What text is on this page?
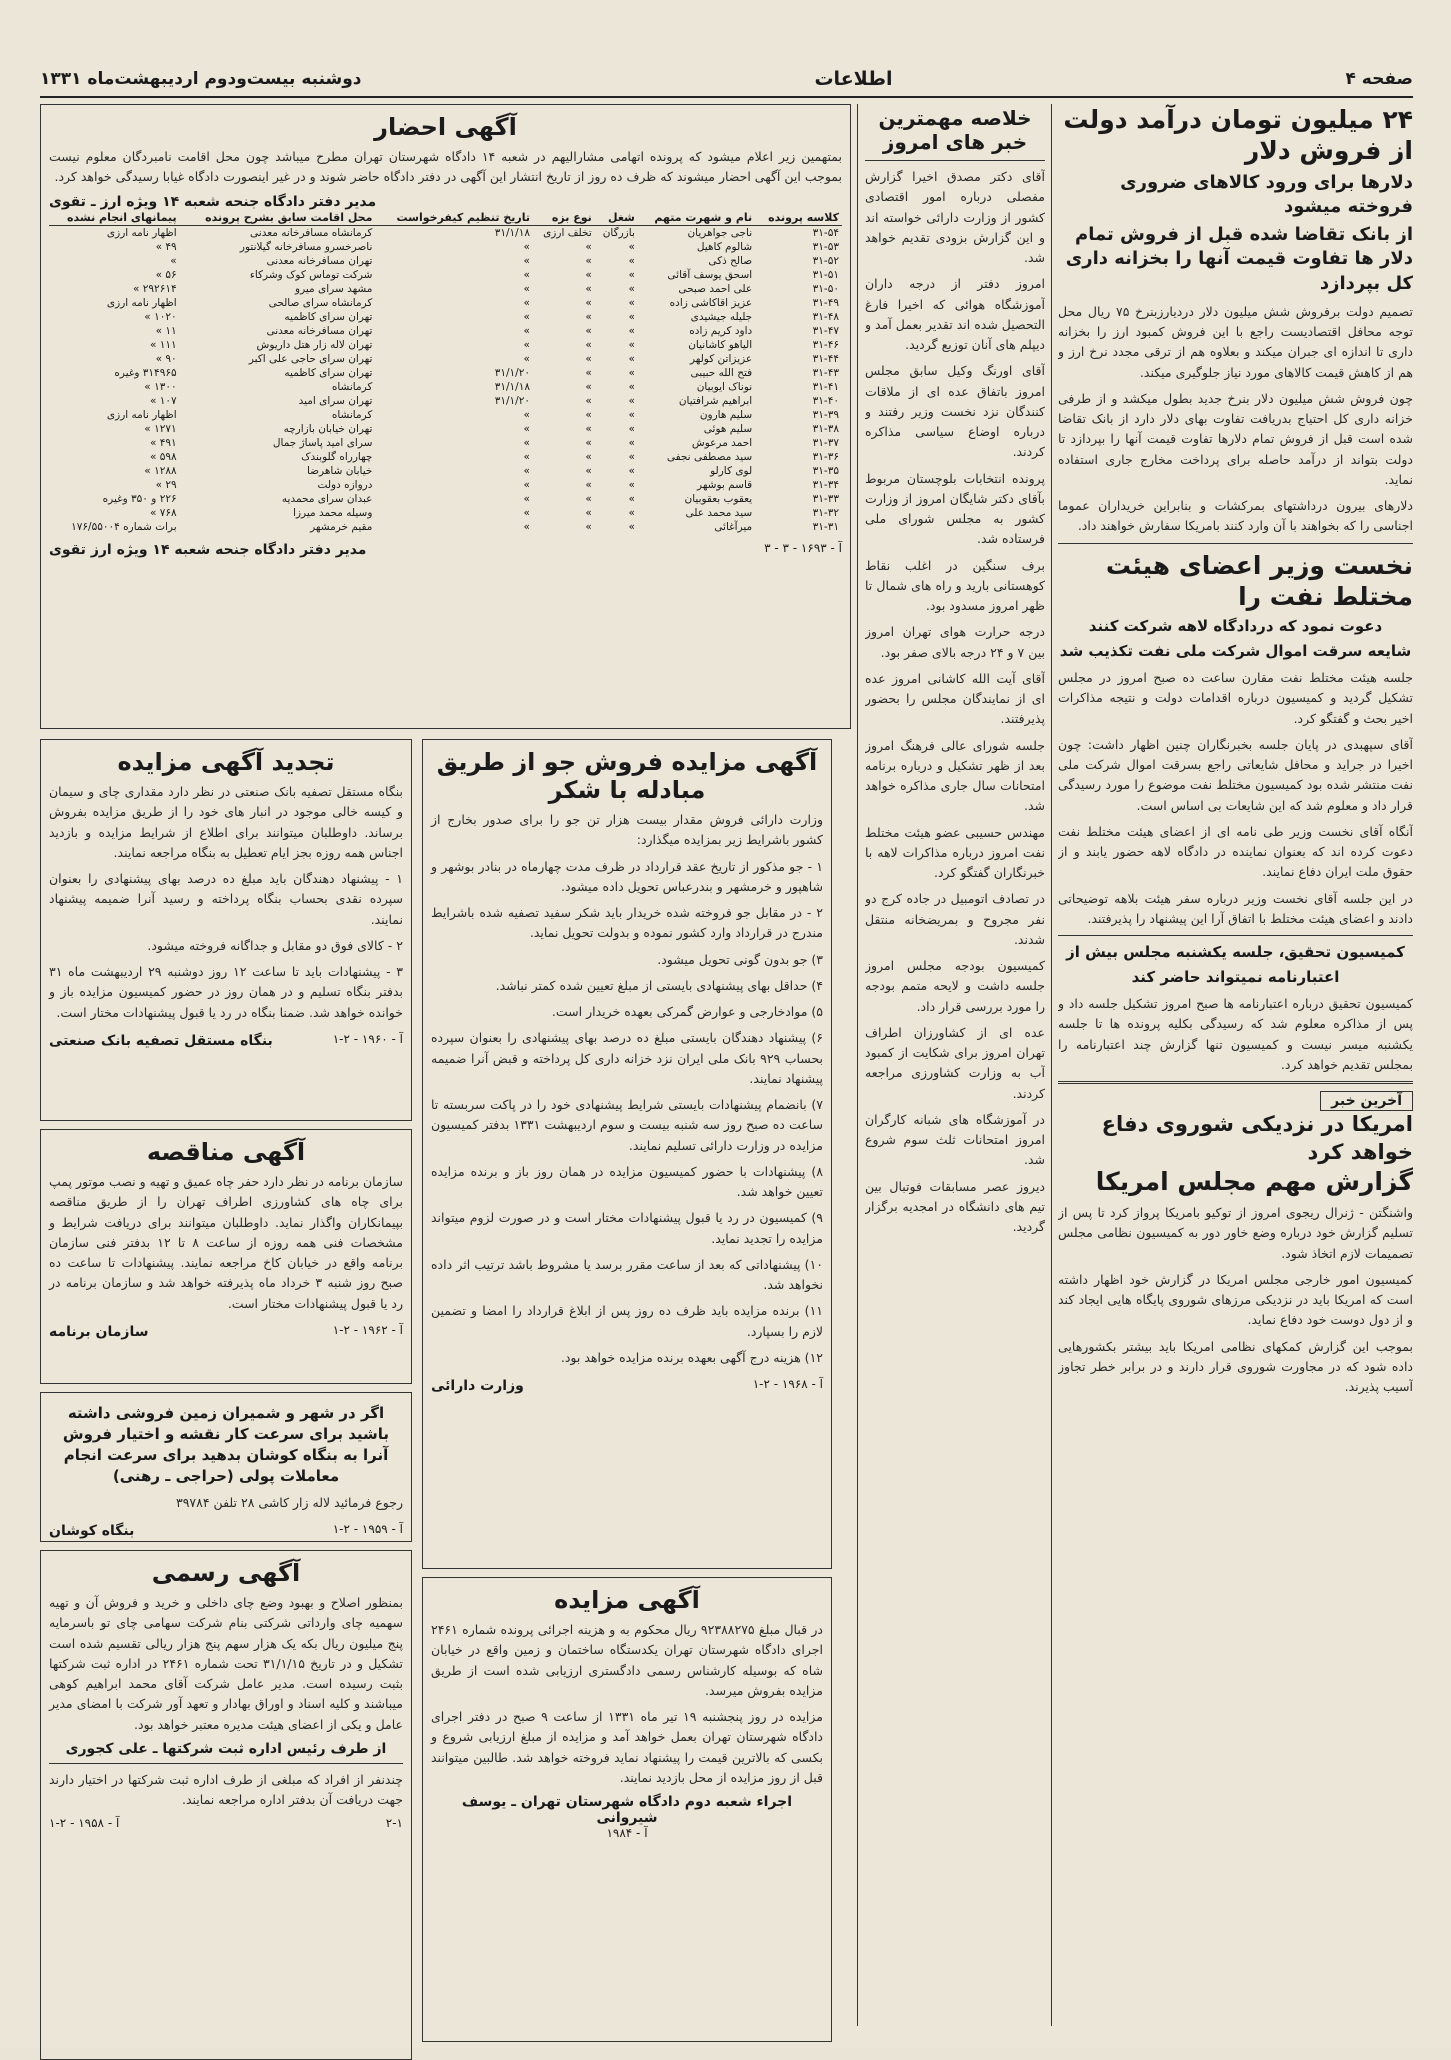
صفحه ۴
اطلاعات
دوشنبه بیست‌ودوم اردیبهشت‌ماه ۱۳۳۱
۲۴ میلیون تومان درآمد دولت از فروش دلار
دلارها برای ورود کالاهای ضروری فروخته میشود
از بانک تقاضا شده قبل از فروش تمام دلار ها تفاوت قیمت آنها را بخزانه داری کل بپردازد

تصمیم دولت برفروش شش میلیون دلار دردیارزبنرخ ۷۵ ریال محل توجه محافل اقتصادیست راجع با این فروش کمبود ارز را بخزانه داری تا اندازه ای جبران میکند و بعلاوه هم از ترقی مجدد نرخ ارز و هم از کاهش قیمت کالاهای مورد نیاز جلوگیری میکند.

چون فروش شش میلیون دلار بنرخ جدید بطول میکشد و از طرفی خزانه داری کل احتیاج بدریافت تفاوت بهای دلار دارد از بانک تقاضا شده است قبل از فروش تمام دلارها تفاوت قیمت آنها را بپردازد تا دولت بتواند از درآمد حاصله برای پرداخت مخارج جاری استفاده نماید.

دلارهای بیرون درداشتهای بمرکشات و بنابراین خریداران عموما اجناسی را که بخواهند با آن وارد کنند بامریکا سفارش خواهند داد.

نخست وزیر اعضای هیئت مختلط نفت را
دعوت نمود که دردادگاه لاهه شرکت کنند
شایعه سرقت اموال شرکت ملی نفت تکذیب شد

جلسه هیئت مختلط نفت مقارن ساعت ده صبح امروز در مجلس تشکیل گردید و کمیسیون درباره اقدامات دولت و نتیجه مذاکرات اخیر بحث و گفتگو کرد.

آقای سپهبدی در پایان جلسه بخبرنگاران چنین اظهار داشت: چون اخیرا در جراید و محافل شایعاتی راجع بسرقت اموال شرکت ملی نفت منتشر شده بود کمیسیون مختلط نفت موضوع را مورد رسیدگی قرار داد و معلوم شد که این شایعات بی اساس است.

آنگاه آقای نخست وزیر طی نامه ای از اعضای هیئت مختلط نفت دعوت کرده اند که بعنوان نماینده در دادگاه لاهه حضور یابند و از حقوق ملت ایران دفاع نمایند.

در این جلسه آقای نخست وزیر درباره سفر هیئت بلاهه توضیحاتی دادند و اعضای هیئت مختلط با اتفاق آرا این پیشنهاد را پذیرفتند.

کمیسیون تحقیق، جلسه یکشنبه مجلس بیش از
اعتبارنامه نمیتواند حاضر کند

کمیسیون تحقیق درباره اعتبارنامه ها صبح امروز تشکیل جلسه داد و پس از مذاکره معلوم شد که رسیدگی بکلیه پرونده ها تا جلسه یکشنبه میسر نیست و کمیسیون تنها گزارش چند اعتبارنامه را بمجلس تقدیم خواهد کرد.

آخرین خبر
امریکا در نزدیکی شوروی دفاع خواهد کرد
گزارش مهم مجلس امریکا

واشنگتن - ژنرال ریجوی امروز از توکیو بامریکا پرواز کرد تا پس از تسلیم گزارش خود درباره وضع خاور دور به کمیسیون نظامی مجلس تصمیمات لازم اتخاذ شود.

کمیسیون امور خارجی مجلس امریکا در گزارش خود اظهار داشته است که امریکا باید در نزدیکی مرزهای شوروی پایگاه هایی ایجاد کند و از دول دوست خود دفاع نماید.

بموجب این گزارش کمکهای نظامی امریکا باید بیشتر بکشورهایی داده شود که در مجاورت شوروی قرار دارند و در برابر خطر تجاوز آسیب پذیرند.

خلاصه مهمترین خبر های امروز

آقای دکتر مصدق اخیرا گزارش مفصلی درباره امور اقتصادی کشور از وزارت دارائی خواسته اند و این گزارش بزودی تقدیم خواهد شد.

امروز دفتر از درجه داران آموزشگاه هوائی که اخیرا فارغ التحصیل شده اند تقدیر بعمل آمد و دیپلم های آنان توزیع گردید.

آقای اورنگ وکیل سابق مجلس امروز باتفاق عده ای از ملاقات کنندگان نزد نخست وزیر رفتند و درباره اوضاع سیاسی مذاکره کردند.

پرونده انتخابات بلوچستان مربوط بآقای دکتر شایگان امروز از وزارت کشور به مجلس شورای ملی فرستاده شد.

برف سنگین در اغلب نقاط کوهستانی بارید و راه های شمال تا ظهر امروز مسدود بود.

درجه حرارت هوای تهران امروز بین ۷ و ۲۴ درجه بالای صفر بود.

آقای آیت الله کاشانی امروز عده ای از نمایندگان مجلس را بحضور پذیرفتند.

جلسه شورای عالی فرهنگ امروز بعد از ظهر تشکیل و درباره برنامه امتحانات سال جاری مذاکره خواهد شد.

مهندس حسیبی عضو هیئت مختلط نفت امروز درباره مذاکرات لاهه با خبرنگاران گفتگو کرد.

در تصادف اتومبیل در جاده کرج دو نفر مجروح و بمریضخانه منتقل شدند.

کمیسیون بودجه مجلس امروز جلسه داشت و لایحه متمم بودجه را مورد بررسی قرار داد.

عده ای از کشاورزان اطراف تهران امروز برای شکایت از کمبود آب به وزارت کشاورزی مراجعه کردند.

در آموزشگاه های شبانه کارگران امروز امتحانات ثلث سوم شروع شد.

دیروز عصر مسابقات فوتبال بین تیم های دانشگاه در امجدیه برگزار گردید.

آگهی احضار

بمتهمین زیر اعلام میشود که پرونده اتهامی مشارالیهم در شعبه ۱۴ دادگاه شهرستان تهران مطرح میباشد چون محل اقامت نامبردگان معلوم نیست بموجب این آگهی احضار میشوند که ظرف ده روز از تاریخ انتشار این آگهی در دفتر دادگاه حاضر شوند و در غیر اینصورت دادگاه غیابا رسیدگی خواهد کرد.

مدیر دفتر دادگاه جنحه شعبه ۱۴ ویژه ارز ـ تقوی
کلاسه پرونده	نام و شهرت متهم	شغل	نوع بزه	تاریخ تنظیم کیفرخواست	محل اقامت سابق بشرح پرونده	پیمانهای انجام نشده
۳۱-۵۴	ناجی جواهریان	بازرگان	تخلف ارزی	۳۱/۱/۱۸	کرمانشاه مسافرخانه معدنی	اظهار نامه ارزی
۳۱-۵۳	شالوم کاهیل	»	»	»	ناصرخسرو مسافرخانه گیلانتور	۴۹ »
۳۱-۵۲	صالح ذکی	»	»	»	تهران مسافرخانه معدنی	»
۳۱-۵۱	اسحق یوسف آقائی	»	»	»	شرکت توماس کوک وشرکاء	۵۶ »
۳۱-۵۰	علی احمد صبحی	»	»	»	مشهد سرای میرو	۲۹۲۶۱۴ »
۳۱-۴۹	عزیز اقاکاشی زاده	»	»	»	کرمانشاه سرای صالحی	اظهار نامه ارزی
۳۱-۴۸	جلیله جیشیدی	»	»	»	تهران سرای کاظمیه	۱۰۲۰ »
۳۱-۴۷	داود کریم زاده	»	»	»	تهران مسافرخانه معدنی	۱۱ »
۳۱-۴۶	الیاهو کاشانیان	»	»	»	تهران لاله زار هتل داریوش	۱۱۱ »
۳۱-۴۴	عزیزاتن کولهر	»	»	»	تهران سرای حاجی علی اکبر	۹۰ »
۳۱-۴۳	فتح الله حبیبی	»	»	۳۱/۱/۲۰	تهران سرای کاظمیه	۳۱۴۹۶۵ وغیره
۳۱-۴۱	نوناک ایوبیان	»	»	۳۱/۱/۱۸	کرمانشاه	۱۳۰۰ »
۳۱-۴۰	ابراهیم شرافتیان	»	»	۳۱/۱/۲۰	تهران سرای امید	۱۰۷ »
۳۱-۳۹	سلیم هارون	»	»	»	کرمانشاه	اظهار نامه ارزی
۳۱-۳۸	سلیم هوئی	»	»	»	تهران خیابان بازارچه	۱۲۷۱ »
۳۱-۳۷	احمد مرعوش	»	»	»	سرای امید پاساژ جمال	۴۹۱ »
۳۱-۳۶	سید مصطفی نجفی	»	»	»	چهارراه گلوبندک	۵۹۸ »
۳۱-۳۵	لوی کارلو	»	»	»	خیابان شاهرضا	۱۲۸۸ »
۳۱-۳۴	قاسم بوشهر	»	»	»	دروازه دولت	۲۹ »
۳۱-۳۳	یعقوب بعقوبیان	»	»	»	عبدان سرای محمدیه	۲۲۶ و ۳۵۰ وغیره
۳۱-۳۲	سید محمد علی	»	»	»	وسیله محمد میرزا	۷۶۸ »
۳۱-۳۱	میرآغائی	»	»	»	مقیم خرمشهر	برات شماره ۱۷۶/۵۵۰۰۴
آ - ۱۶۹۳ - ۳ - ۳
مدیر دفتر دادگاه جنحه شعبه ۱۴ ویژه ارز تقوی
تجدید آگهی مزایده

بنگاه مستقل تصفیه بانک صنعتی در نظر دارد مقداری چای و سیمان و کیسه خالی موجود در انبار های خود را از طریق مزایده بفروش برساند. داوطلبان میتوانند برای اطلاع از شرایط مزایده و بازدید اجناس همه روزه بجز ایام تعطیل به بنگاه مراجعه نمایند.

۱ - پیشنهاد دهندگان باید مبلغ ده درصد بهای پیشنهادی را بعنوان سپرده نقدی بحساب بنگاه پرداخته و رسید آنرا ضمیمه پیشنهاد نمایند.

۲ - کالای فوق دو مقابل و جداگانه فروخته میشود.

۳ - پیشنهادات باید تا ساعت ۱۲ روز دوشنبه ۲۹ اردیبهشت ماه ۳۱ بدفتر بنگاه تسلیم و در همان روز در حضور کمیسیون مزایده باز و خوانده خواهد شد. ضمنا بنگاه در رد یا قبول پیشنهادات مختار است.

آ - ۱۹۶۰ - ۲-۱
بنگاه مستقل تصفیه بانک صنعتی
آگهی مناقصه

سازمان برنامه در نظر دارد حفر چاه عمیق و تهیه و نصب موتور پمپ برای چاه های کشاورزی اطراف تهران را از طریق مناقصه بپیمانکاران واگذار نماید. داوطلبان میتوانند برای دریافت شرایط و مشخصات فنی همه روزه از ساعت ۸ تا ۱۲ بدفتر فنی سازمان برنامه واقع در خیابان کاخ مراجعه نمایند. پیشنهادات تا ساعت ده صبح روز شنبه ۳ خرداد ماه پذیرفته خواهد شد و سازمان برنامه در رد یا قبول پیشنهادات مختار است.

آ - ۱۹۶۲ - ۲-۱
سازمان برنامه
اگر در شهر و شمیران زمین فروشی داشته باشید برای سرعت کار نقشه و اختیار فروش آنرا به بنگاه کوشان بدهید برای سرعت انجام معاملات پولی (حراجی ـ رهنی)

رجوع فرمائید لاله زار کاشی ۲۸ تلفن ۳۹۷۸۴

آ - ۱۹۵۹ - ۲-۱
بنگاه کوشان
آگهی رسمی

بمنظور اصلاح و بهبود وضع چای داخلی و خرید و فروش آن و تهیه سهمیه چای وارداتی شرکتی بنام شرکت سهامی چای تو باسرمایه پنج میلیون ریال بکه یک هزار سهم پنج هزار ریالی تقسیم شده است تشکیل و در تاریخ ۳۱/۱/۱۵ تحت شماره ۲۴۶۱ در اداره ثبت شرکتها بثبت رسیده است. مدیر عامل شرکت آقای محمد ابراهیم کوهی میباشند و کلیه اسناد و اوراق بهادار و تعهد آور شرکت با امضای مدیر عامل و یکی از اعضای هیئت مدیره معتبر خواهد بود.

از طرف رئیس اداره ثبت شرکتها ـ علی کجوری

چندنفر از افراد که مبلغی از طرف اداره ثبت شرکتها در اختیار دارند جهت دریافت آن بدفتر اداره مراجعه نمایند.

۲-۱
آ - ۱۹۵۸ - ۲-۱
آگهی مزایده فروش جو از طریق مبادله با شکر

وزارت دارائی فروش مقدار بیست هزار تن جو را برای صدور بخارج از کشور باشرایط زیر بمزایده میگذارد:

۱ - جو مذکور از تاریخ عقد قرارداد در ظرف مدت چهارماه در بنادر بوشهر و شاهپور و خرمشهر و بندرعباس تحویل داده میشود.

۲ - در مقابل جو فروخته شده خریدار باید شکر سفید تصفیه شده باشرایط مندرج در قرارداد وارد کشور نموده و بدولت تحویل نماید.

۳) جو بدون گونی تحویل میشود.

۴) حداقل بهای پیشنهادی بایستی از مبلغ تعیین شده کمتر نباشد.

۵) موادخارجی و عوارض گمرکی بعهده خریدار است.

۶) پیشنهاد دهندگان بایستی مبلغ ده درصد بهای پیشنهادی را بعنوان سپرده بحساب ۹۲۹ بانک ملی ایران نزد خزانه داری کل پرداخته و قبض آنرا ضمیمه پیشنهاد نمایند.

۷) بانضمام پیشنهادات بایستی شرایط پیشنهادی خود را در پاکت سربسته تا ساعت ده صبح روز سه شنبه بیست و سوم اردیبهشت ۱۳۳۱ بدفتر کمیسیون مزایده در وزارت دارائی تسلیم نمایند.

۸) پیشنهادات با حضور کمیسیون مزایده در همان روز باز و برنده مزایده تعیین خواهد شد.

۹) کمیسیون در رد یا قبول پیشنهادات مختار است و در صورت لزوم میتواند مزایده را تجدید نماید.

۱۰) پیشنهاداتی که بعد از ساعت مقرر برسد یا مشروط باشد ترتیب اثر داده نخواهد شد.

۱۱) برنده مزایده باید ظرف ده روز پس از ابلاغ قرارداد را امضا و تضمین لازم را بسپارد.

۱۲) هزینه درج آگهی بعهده برنده مزایده خواهد بود.

آ - ۱۹۶۸ - ۲-۱
وزارت دارائی
آگهی مزایده

در قبال مبلغ ۹۲۳۸۸۲۷۵ ریال محکوم به و هزینه اجرائی پرونده شماره ۲۴۶۱ اجرای دادگاه شهرستان تهران یکدستگاه ساختمان و زمین واقع در خیابان شاه که بوسیله کارشناس رسمی دادگستری ارزیابی شده است از طریق مزایده بفروش میرسد.

مزایده در روز پنجشنبه ۱۹ تیر ماه ۱۳۳۱ از ساعت ۹ صبح در دفتر اجرای دادگاه شهرستان تهران بعمل خواهد آمد و مزایده از مبلغ ارزیابی شروع و بکسی که بالاترین قیمت را پیشنهاد نماید فروخته خواهد شد. طالبین میتوانند قبل از روز مزایده از محل بازدید نمایند.

اجراء شعبه دوم دادگاه شهرستان تهران ـ یوسف شیروانی
آ - ۱۹۸۴
